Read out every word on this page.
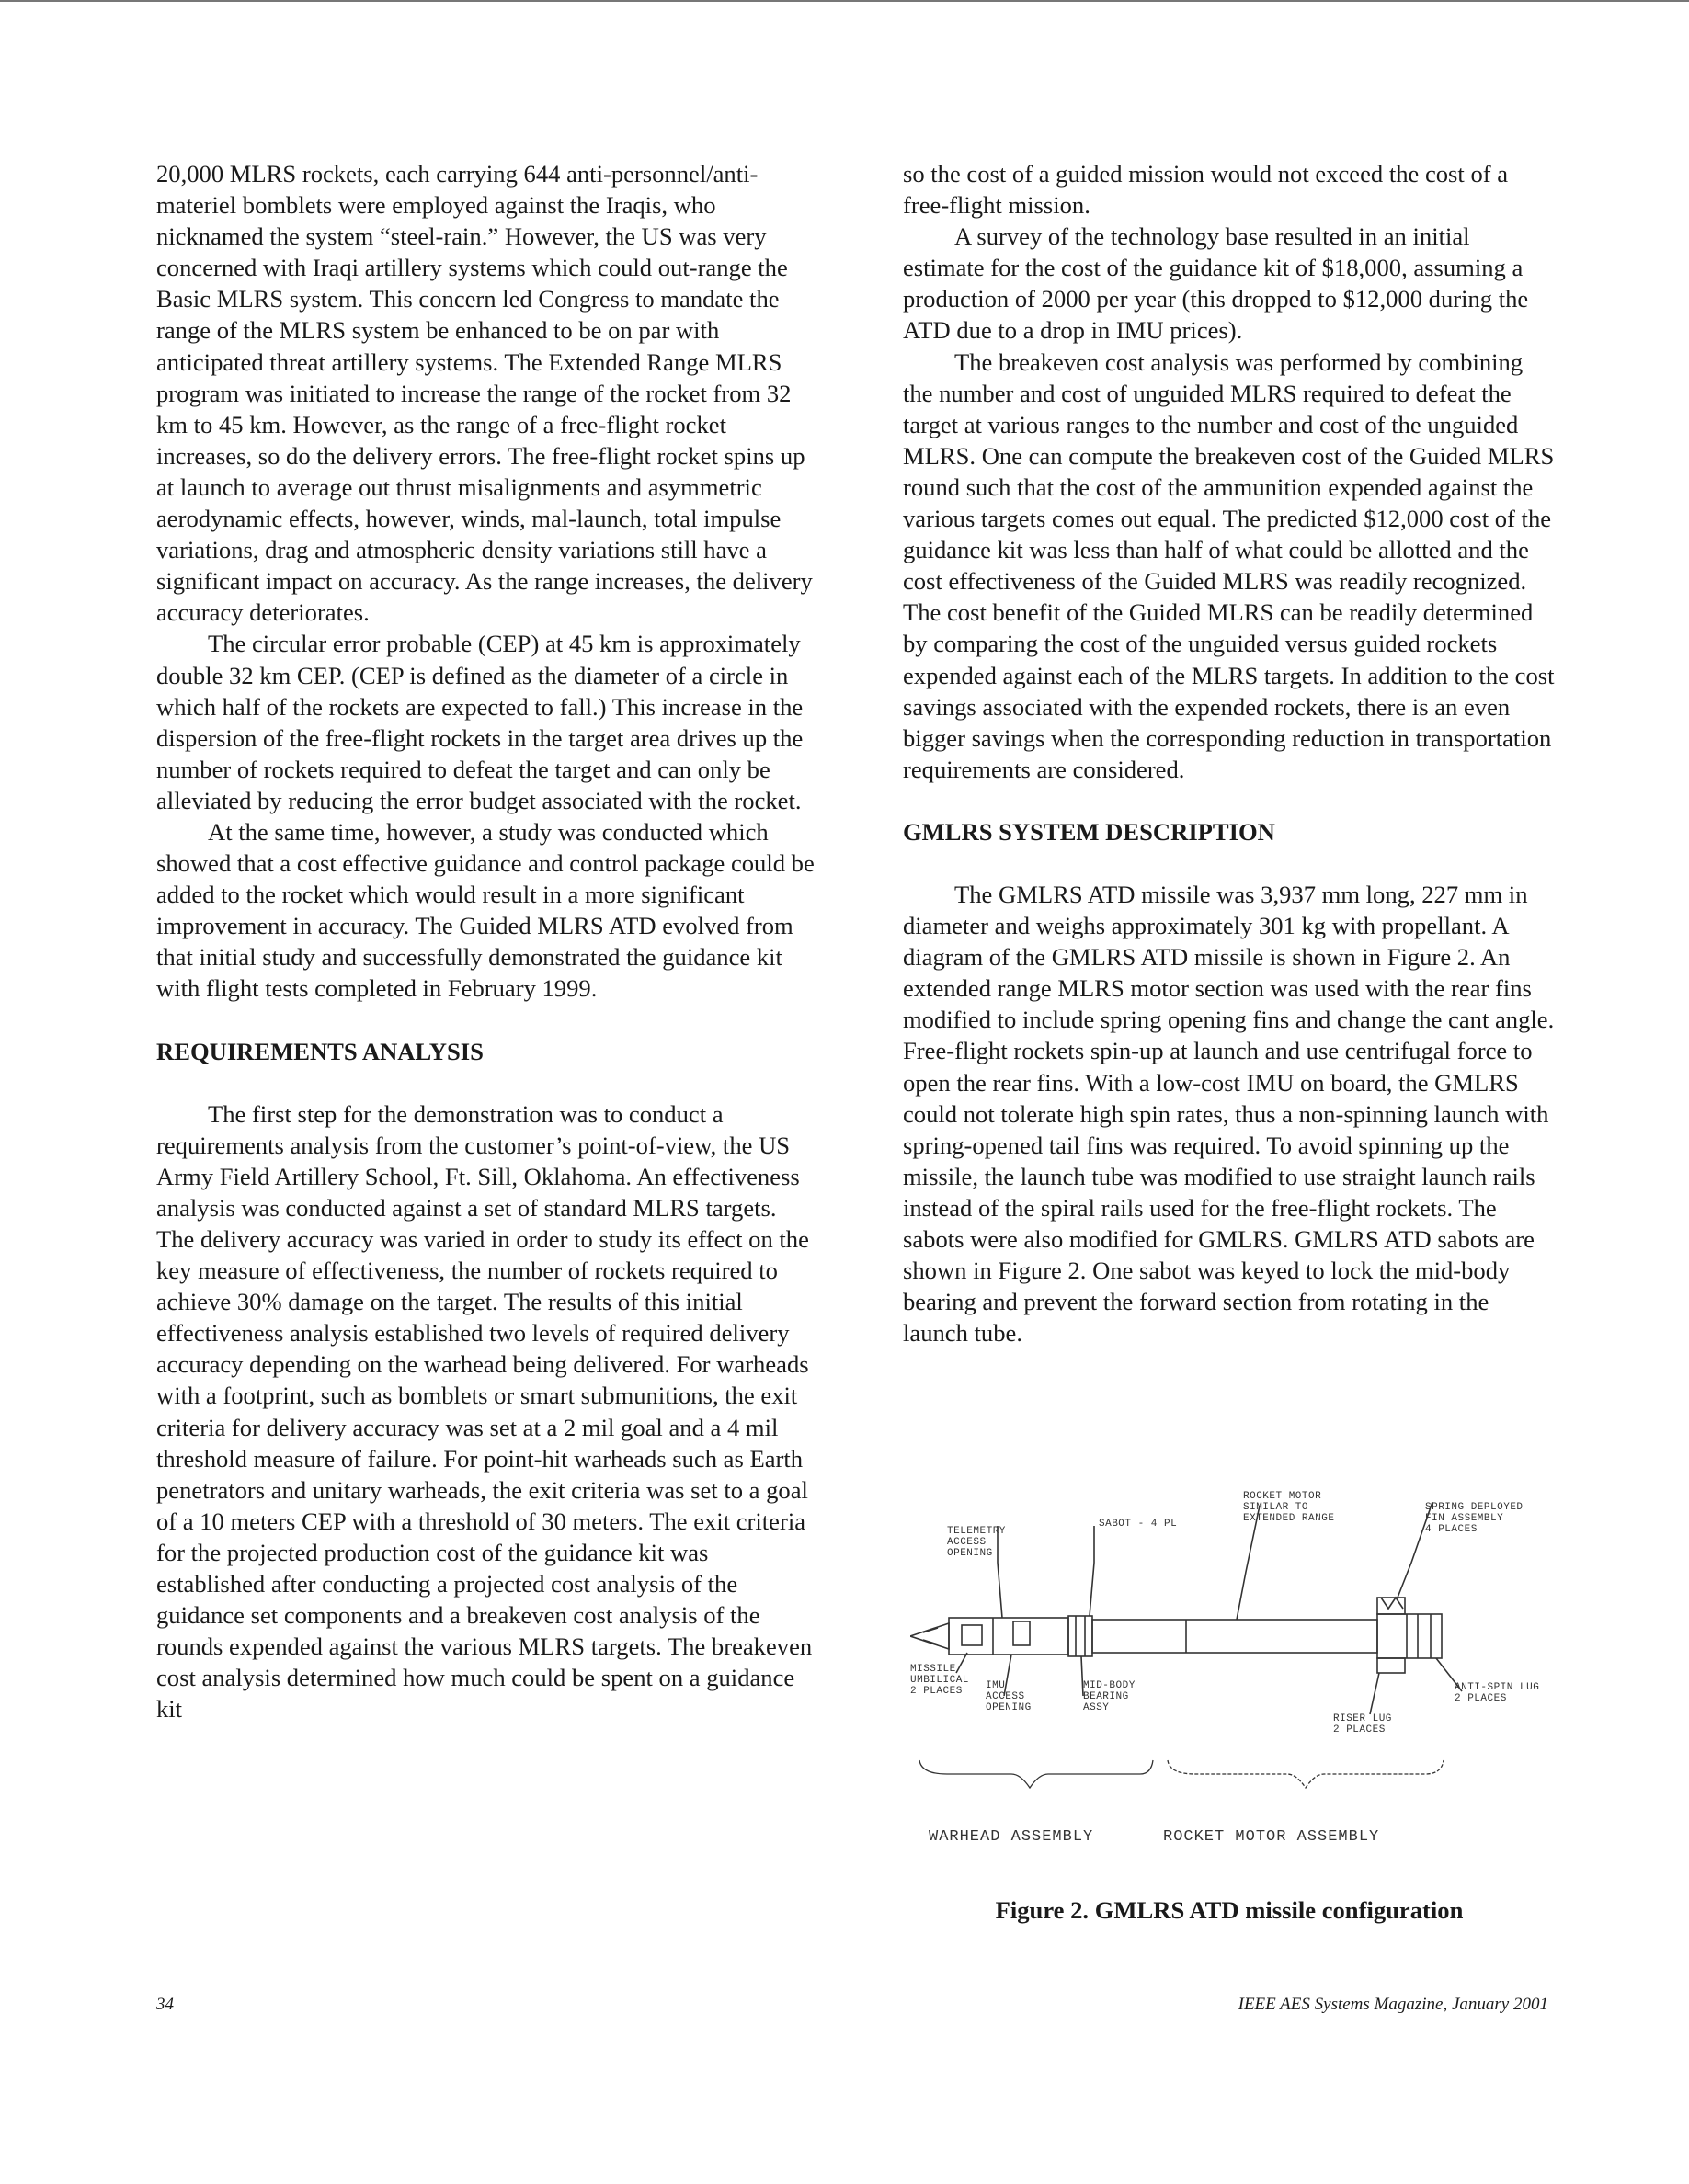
20,000 MLRS rockets, each carrying 644 anti-personnel/anti-materiel bomblets were employed against the Iraqis, who nicknamed the system “steel-rain.” However, the US was very concerned with Iraqi artillery systems which could out-range the Basic MLRS system. This concern led Congress to mandate the range of the MLRS system be enhanced to be on par with anticipated threat artillery systems. The Extended Range MLRS program was initiated to increase the range of the rocket from 32 km to 45 km. However, as the range of a free-flight rocket increases, so do the delivery errors. The free-flight rocket spins up at launch to average out thrust misalignments and asymmetric aerodynamic effects, however, winds, mal-launch, total impulse variations, drag and atmospheric density variations still have a significant impact on accuracy. As the range increases, the delivery accuracy deteriorates.

The circular error probable (CEP) at 45 km is approximately double 32 km CEP. (CEP is defined as the diameter of a circle in which half of the rockets are expected to fall.) This increase in the dispersion of the free-flight rockets in the target area drives up the number of rockets required to defeat the target and can only be alleviated by reducing the error budget associated with the rocket.

At the same time, however, a study was conducted which showed that a cost effective guidance and control package could be added to the rocket which would result in a more significant improvement in accuracy. The Guided MLRS ATD evolved from that initial study and successfully demonstrated the guidance kit with flight tests completed in February 1999.

REQUIREMENTS ANALYSIS

The first step for the demonstration was to conduct a requirements analysis from the customer’s point-of-view, the US Army Field Artillery School, Ft. Sill, Oklahoma. An effectiveness analysis was conducted against a set of standard MLRS targets. The delivery accuracy was varied in order to study its effect on the key measure of effectiveness, the number of rockets required to achieve 30% damage on the target. The results of this initial effectiveness analysis established two levels of required delivery accuracy depending on the warhead being delivered. For warheads with a footprint, such as bomblets or smart submunitions, the exit criteria for delivery accuracy was set at a 2 mil goal and a 4 mil threshold measure of failure. For point-hit warheads such as Earth penetrators and unitary warheads, the exit criteria was set to a goal of a 10 meters CEP with a threshold of 30 meters. The exit criteria for the projected production cost of the guidance kit was established after conducting a projected cost analysis of the guidance set components and a breakeven cost analysis of the rounds expended against the various MLRS targets. The breakeven cost analysis determined how much could be spent on a guidance kit

so the cost of a guided mission would not exceed the cost of a free-flight mission.

A survey of the technology base resulted in an initial estimate for the cost of the guidance kit of $18,000, assuming a production of 2000 per year (this dropped to $12,000 during the ATD due to a drop in IMU prices).

The breakeven cost analysis was performed by combining the number and cost of unguided MLRS required to defeat the target at various ranges to the number and cost of the unguided MLRS. One can compute the breakeven cost of the Guided MLRS round such that the cost of the ammunition expended against the various targets comes out equal. The predicted $12,000 cost of the guidance kit was less than half of what could be allotted and the cost effectiveness of the Guided MLRS was readily recognized. The cost benefit of the Guided MLRS can be readily determined by comparing the cost of the unguided versus guided rockets expended against each of the MLRS targets. In addition to the cost savings associated with the expended rockets, there is an even bigger savings when the corresponding reduction in transportation requirements are considered.

GMLRS SYSTEM DESCRIPTION

The GMLRS ATD missile was 3,937 mm long, 227 mm in diameter and weighs approximately 301 kg with propellant. A diagram of the GMLRS ATD missile is shown in Figure 2. An extended range MLRS motor section was used with the rear fins modified to include spring opening fins and change the cant angle. Free-flight rockets spin-up at launch and use centrifugal force to open the rear fins. With a low-cost IMU on board, the GMLRS could not tolerate high spin rates, thus a non-spinning launch with spring-opened tail fins was required. To avoid spinning up the missile, the launch tube was modified to use straight launch rails instead of the spiral rails used for the free-flight rockets. The sabots were also modified for GMLRS. GMLRS ATD sabots are shown in Figure 2. One sabot was keyed to lock the mid-body bearing and prevent the forward section from rotating in the launch tube.

TELEMETRY
ACCESS
OPENING
SABOT - 4 PL
ROCKET MOTOR
SIMILAR TO
EXTENDED RANGE
SPRING DEPLOYED
FIN ASSEMBLY
4 PLACES
MISSILE
UMBILICAL
2 PLACES	IMU
ACCESS
OPENING
MID-BODY
BEARING
ASSY
RISER LUG
2 PLACES
ANTI-SPIN LUG
2 PLACES
WARHEAD ASSEMBLY	ROCKET MOTOR ASSEMBLY
Figure 2. GMLRS ATD missile configuration
34	IEEE AES Systems Magazine, January 2001
